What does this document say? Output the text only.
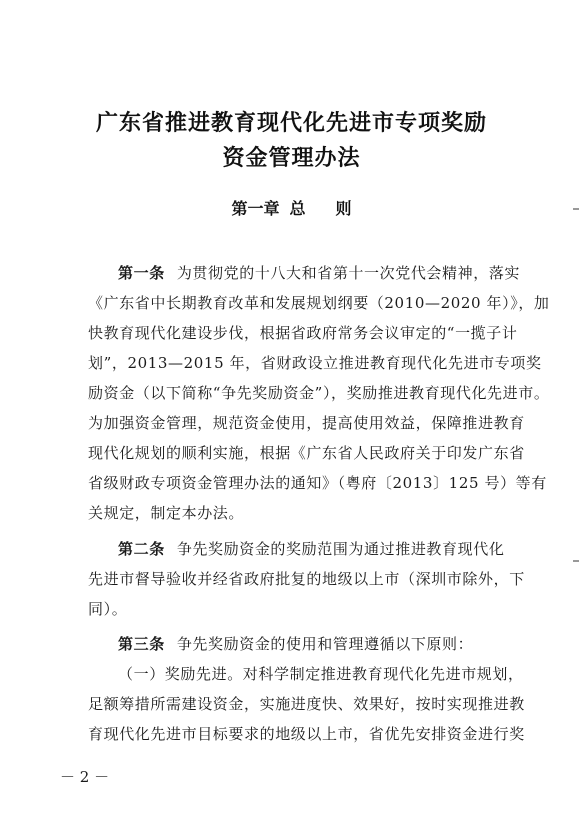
广东省推进教育现代化先进市专项奖励
资金管理办法
第一章 总 则
第一条 为贯彻党的十八大和省第十一次党代会精神，落实
《广东省中长期教育改革和发展规划纲要（2010—2020 年）》，加
快教育现代化建设步伐，根据省政府常务会议审定的“一揽子计
划”，2013—2015 年，省财政设立推进教育现代化先进市专项奖
励资金（以下简称“争先奖励资金”），奖励推进教育现代化先进市。
为加强资金管理，规范资金使用，提高使用效益，保障推进教育
现代化规划的顺利实施，根据《广东省人民政府关于印发广东省
省级财政专项资金管理办法的通知》（粤府〔2013〕125 号）等有
关规定，制定本办法。
第二条 争先奖励资金的奖励范围为通过推进教育现代化
先进市督导验收并经省政府批复的地级以上市（深圳市除外，下
同）。
第三条 争先奖励资金的使用和管理遵循以下原则：
（一）奖励先进。对科学制定推进教育现代化先进市规划，
足额筹措所需建设资金，实施进度快、效果好，按时实现推进教
育现代化先进市目标要求的地级以上市，省优先安排资金进行奖
－ 2 －
